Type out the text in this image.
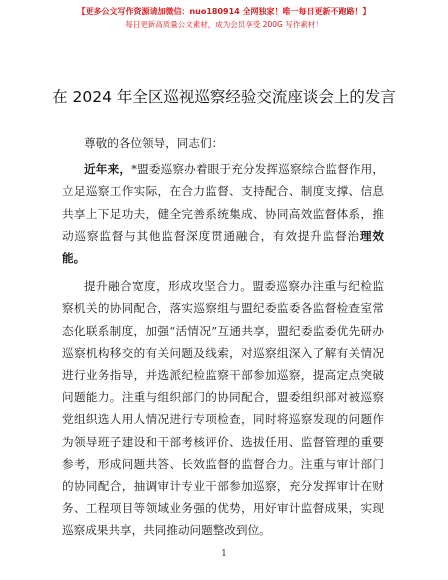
【更多公文写作资源请加微信：nuo180914 全网独家！唯一每日更新不跑路！】
每日更新高质量公文素材，成为会员享受 200G 写作素材！
在 2024 年全区巡视巡察经验交流座谈会上的发言

尊敬的各位领导，同志们：

近年来，*盟委巡察办着眼于充分发挥巡察综合监督作用，立足巡察工作实际，在合力监督、支持配合、制度支撑、信息共享上下足功夫，健全完善系统集成、协同高效监督体系，推动巡察监督与其他监督深度贯通融合，有效提升监督治理效能。

提升融合宽度，形成攻坚合力。盟委巡察办注重与纪检监察机关的协同配合，落实巡察组与盟纪委监委各监督检查室常态化联系制度，加强“活情况”互通共享，盟纪委监委优先研办巡察机构移交的有关问题及线索，对巡察组深入了解有关情况进行业务指导，并选派纪检监察干部参加巡察，提高定点突破问题能力。注重与组织部门的协同配合，盟委组织部对被巡察党组织选人用人情况进行专项检查，同时将巡察发现的问题作为领导班子建设和干部考核评价、选拔任用、监督管理的重要参考，形成问题共答、长效监督的监督合力。注重与审计部门的协同配合，抽调审计专业干部参加巡察，充分发挥审计在财务、工程项目等领域业务强的优势，用好审计监督成果，实现巡察成果共享，共同推动问题整改到位。

1
